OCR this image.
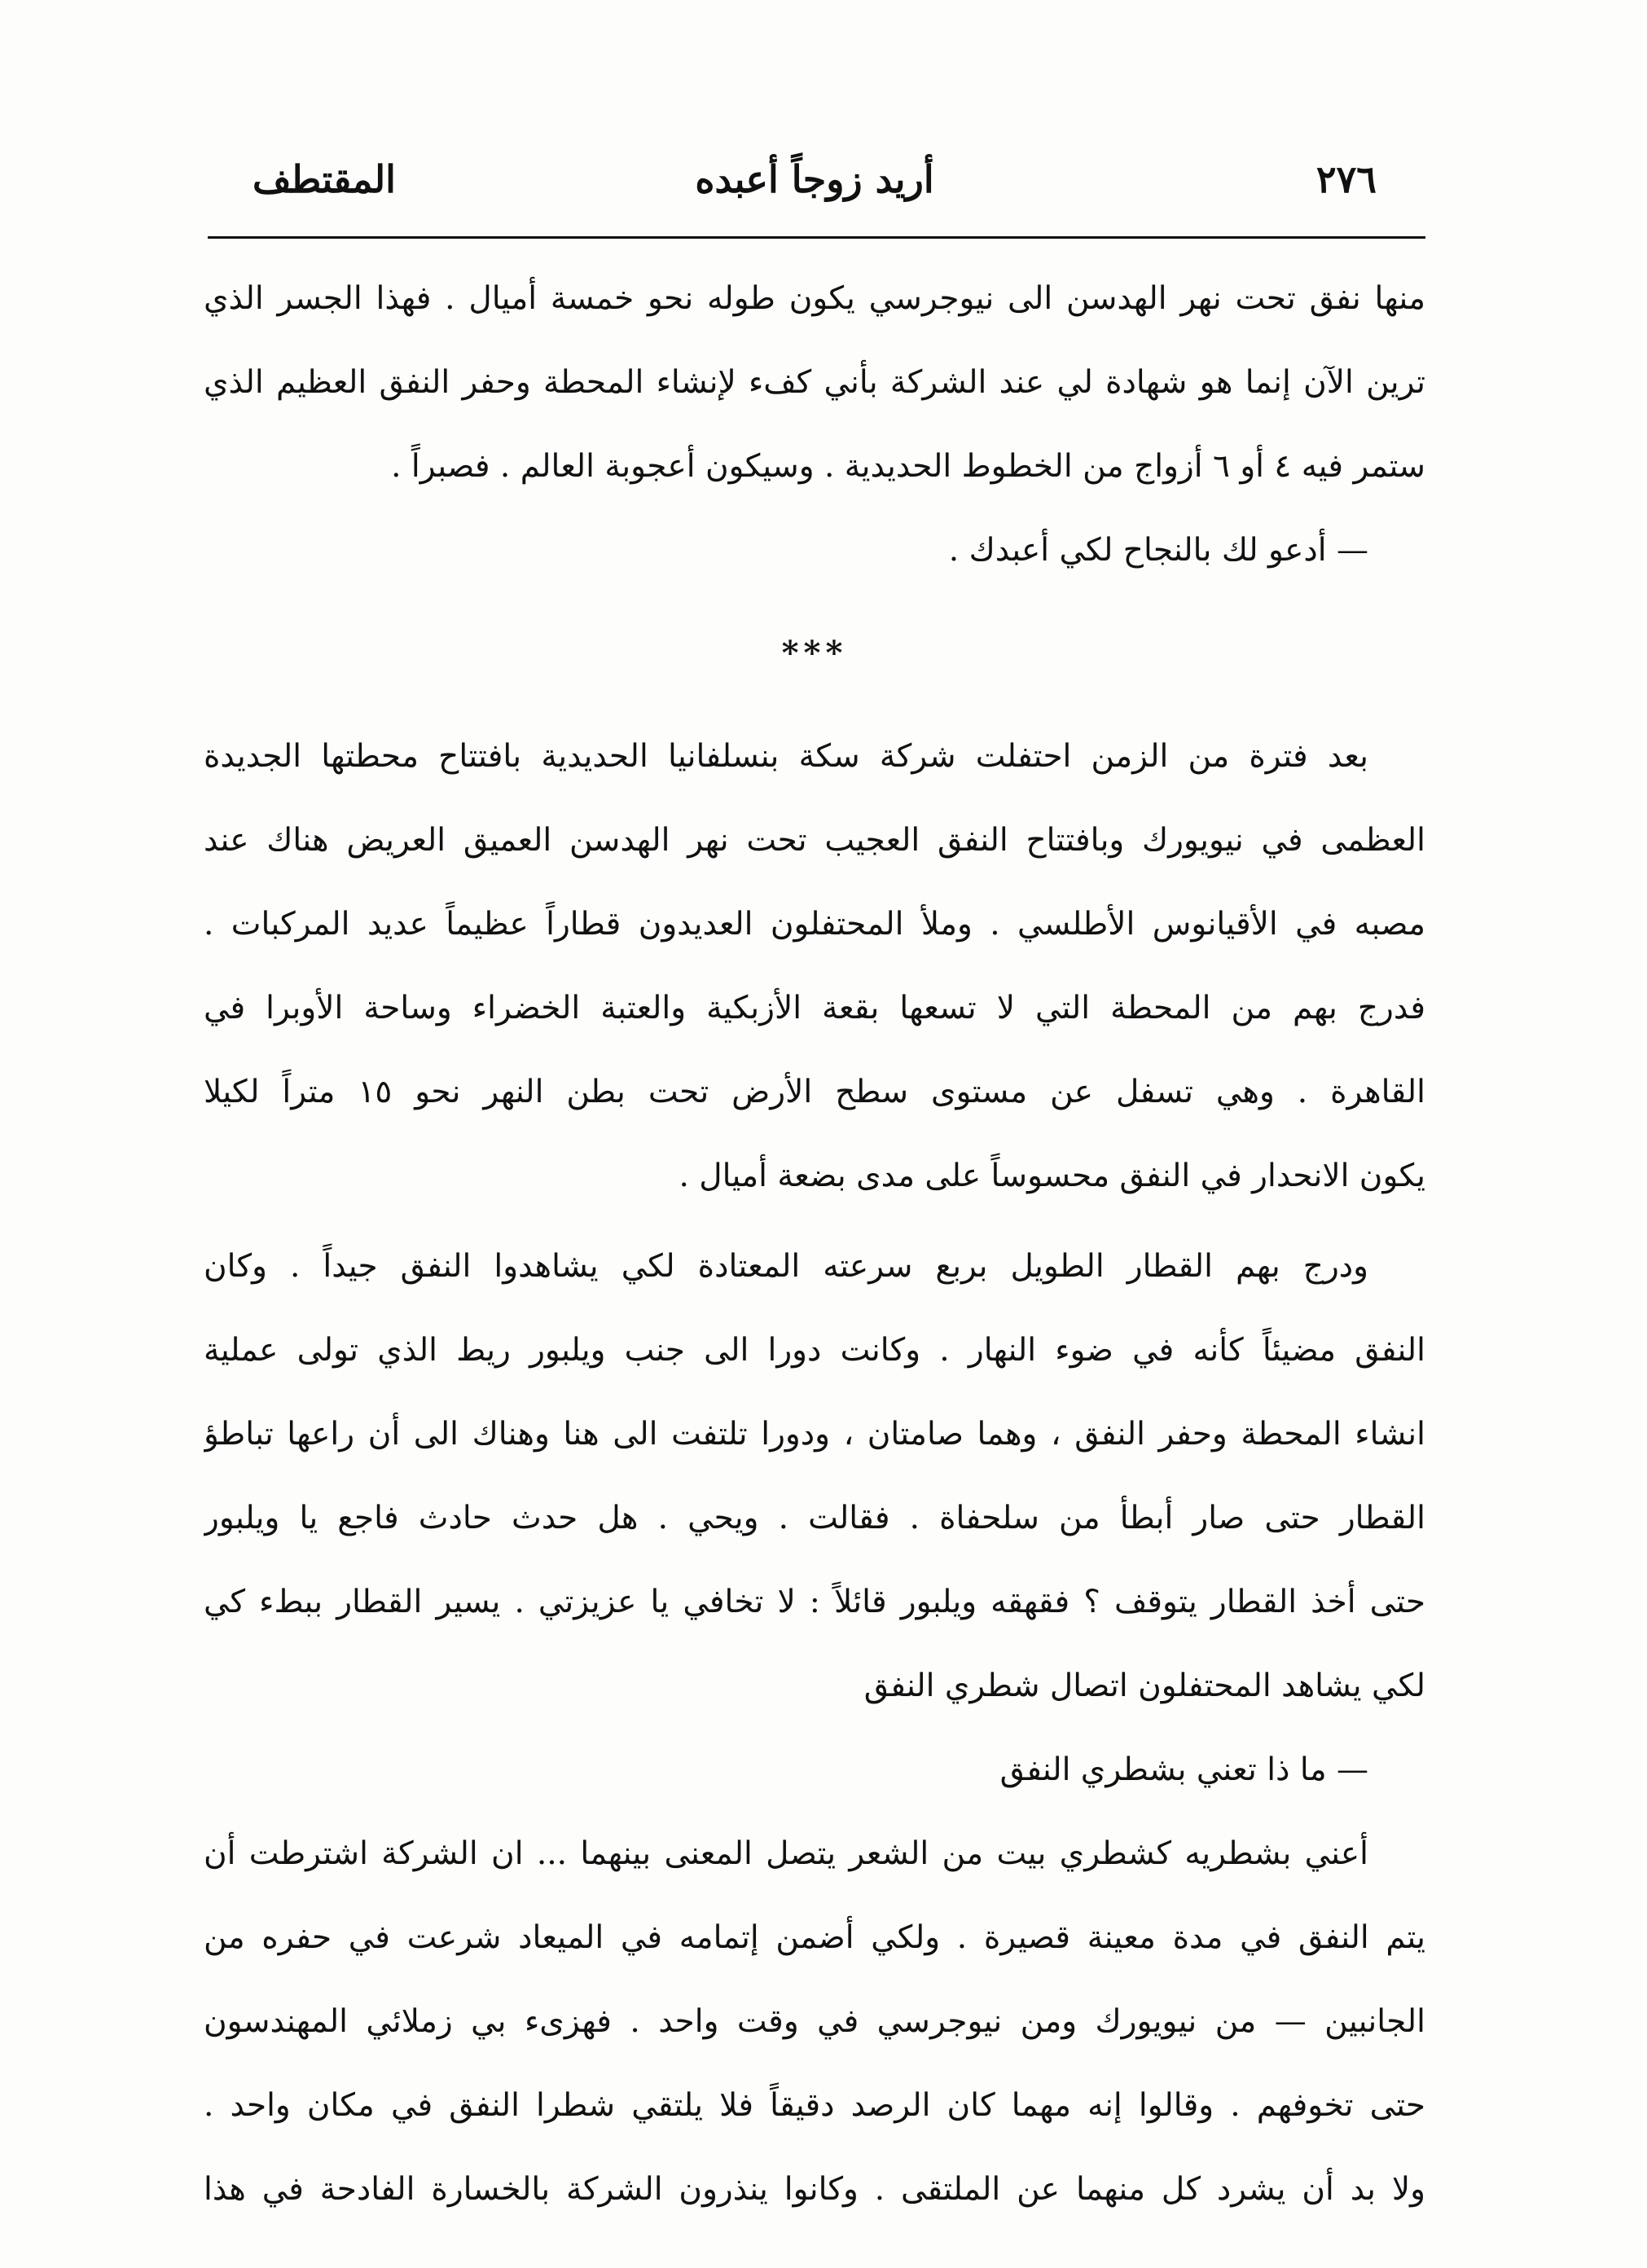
المقتطف	أريد زوجاً أعبده	٢٧٦
منها نفق تحت نهر الهدسن الى نيوجرسي يكون طوله نحو خمسة أميال . فهذا الجسر الذي
ترين الآن إنما هو شهادة لي عند الشركة بأني كفء لإنشاء المحطة وحفر النفق العظيم الذي
ستمر فيه ٤ أو ٦ أزواج من الخطوط الحديدية . وسيكون أعجوبة العالم . فصبراً .
— أدعو لك بالنجاح لكي أعبدك .
***
بعد فترة من الزمن احتفلت شركة سكة بنسلفانيا الحديدية بافتتاح محطتها الجديدة
العظمى في نيويورك وبافتتاح النفق العجيب تحت نهر الهدسن العميق العريض هناك عند
مصبه في الأقيانوس الأطلسي . وملأ المحتفلون العديدون قطاراً عظيماً عديد المركبات .
فدرج بهم من المحطة التي لا تسعها بقعة الأزبكية والعتبة الخضراء وساحة الأوبرا في
القاهرة . وهي تسفل عن مستوى سطح الأرض تحت بطن النهر نحو ١٥ متراً لكيلا
يكون الانحدار في النفق محسوساً على مدى بضعة أميال .
ودرج بهم القطار الطويل بربع سرعته المعتادة لكي يشاهدوا النفق جيداً . وكان
النفق مضيئاً كأنه في ضوء النهار . وكانت دورا الى جنب ويلبور ريط الذي تولى عملية
انشاء المحطة وحفر النفق ، وهما صامتان ، ودورا تلتفت الى هنا وهناك الى أن راعها تباطؤ
القطار حتى صار أبطأ من سلحفاة . فقالت . ويحي . هل حدث حادث فاجع يا ويلبور
حتى أخذ القطار يتوقف ؟ فقهقه ويلبور قائلاً : لا تخافي يا عزيزتي . يسير القطار ببطء كي
لكي يشاهد المحتفلون اتصال شطري النفق
— ما ذا تعني بشطري النفق
أعني بشطريه كشطري بيت من الشعر يتصل المعنى بينهما ... ان الشركة اشترطت أن
يتم النفق في مدة معينة قصيرة . ولكي أضمن إتمامه في الميعاد شرعت في حفره من
الجانبين — من نيويورك ومن نيوجرسي في وقت واحد . فهزىء بي زملائي المهندسون
حتى تخوفهم . وقالوا إنه مهما كان الرصد دقيقاً فلا يلتقي شطرا النفق في مكان واحد .
ولا بد أن يشرد كل منهما عن الملتقى . وكانوا ينذرون الشركة بالخسارة الفادحة في هذا
